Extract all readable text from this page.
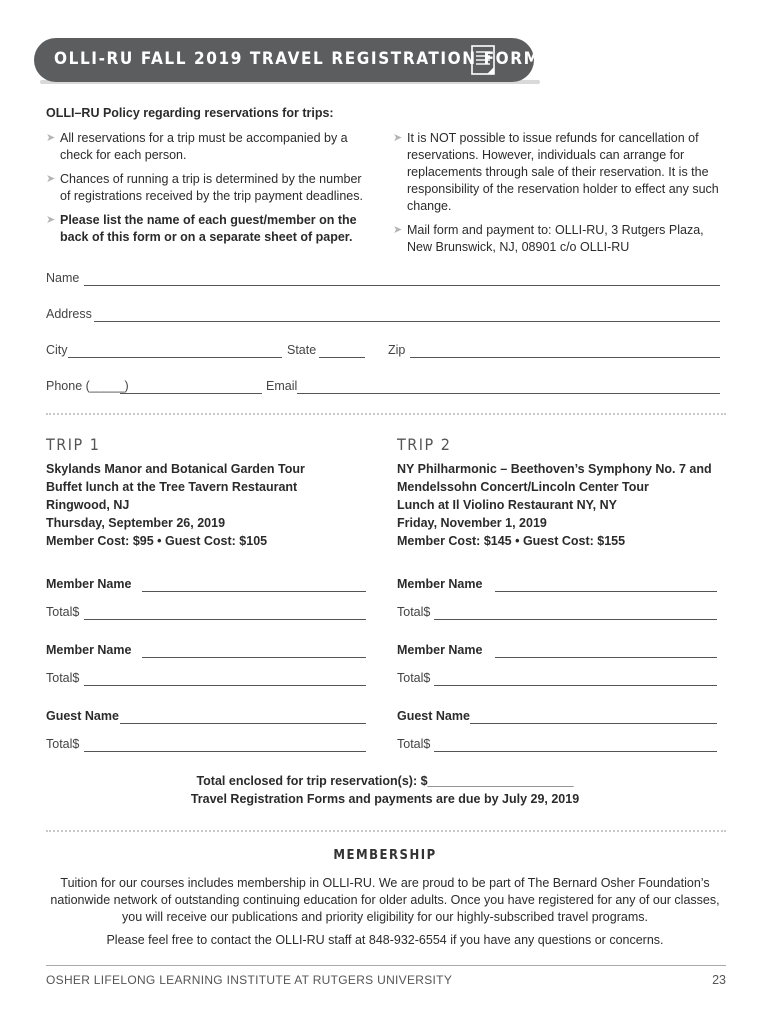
OLLI-RU FALL 2019 TRAVEL REGISTRATION FORM
OLLI–RU Policy regarding reservations for trips:
➤ All reservations for a trip must be accompanied by a check for each person.
➤ Chances of running a trip is determined by the number of registrations received by the trip payment deadlines.
➤ Please list the name of each guest/member on the back of this form or on a separate sheet of paper.
➤ It is NOT possible to issue refunds for cancellation of reservations. However, individuals can arrange for replacements through sale of their reservation. It is the responsibility of the reservation holder to effect any such change.
➤ Mail form and payment to: OLLI-RU, 3 Rutgers Plaza, New Brunswick, NJ, 08901 c/o OLLI-RU
Name
Address
City	State	Zip
Phone (_____)	Email
TRIP 1
Skylands Manor and Botanical Garden Tour
Buffet lunch at the Tree Tavern Restaurant
Ringwood, NJ
Thursday, September 26, 2019
Member Cost: $95 • Guest Cost: $105
TRIP 2
NY Philharmonic – Beethoven’s Symphony No. 7 and
Mendelssohn Concert/Lincoln Center Tour
Lunch at Il Violino Restaurant NY, NY
Friday, November 1, 2019
Member Cost: $145 • Guest Cost: $155
Member Name
Total$
Member Name
Total$
Guest Name
Total$
Member Name
Total$
Member Name
Total$
Guest Name
Total$
Total enclosed for trip reservation(s): $_____________________
Travel Registration Forms and payments are due by July 29, 2019
MEMBERSHIP
Tuition for our courses includes membership in OLLI-RU. We are proud to be part of The Bernard Osher Foundation’s nationwide network of outstanding continuing education for older adults. Once you have registered for any of our classes, you will receive our publications and priority eligibility for our highly-subscribed travel programs.
Please feel free to contact the OLLI-RU staff at 848-932-6554 if you have any questions or concerns.
OSHER LIFELONG LEARNING INSTITUTE AT RUTGERS UNIVERSITY	23
